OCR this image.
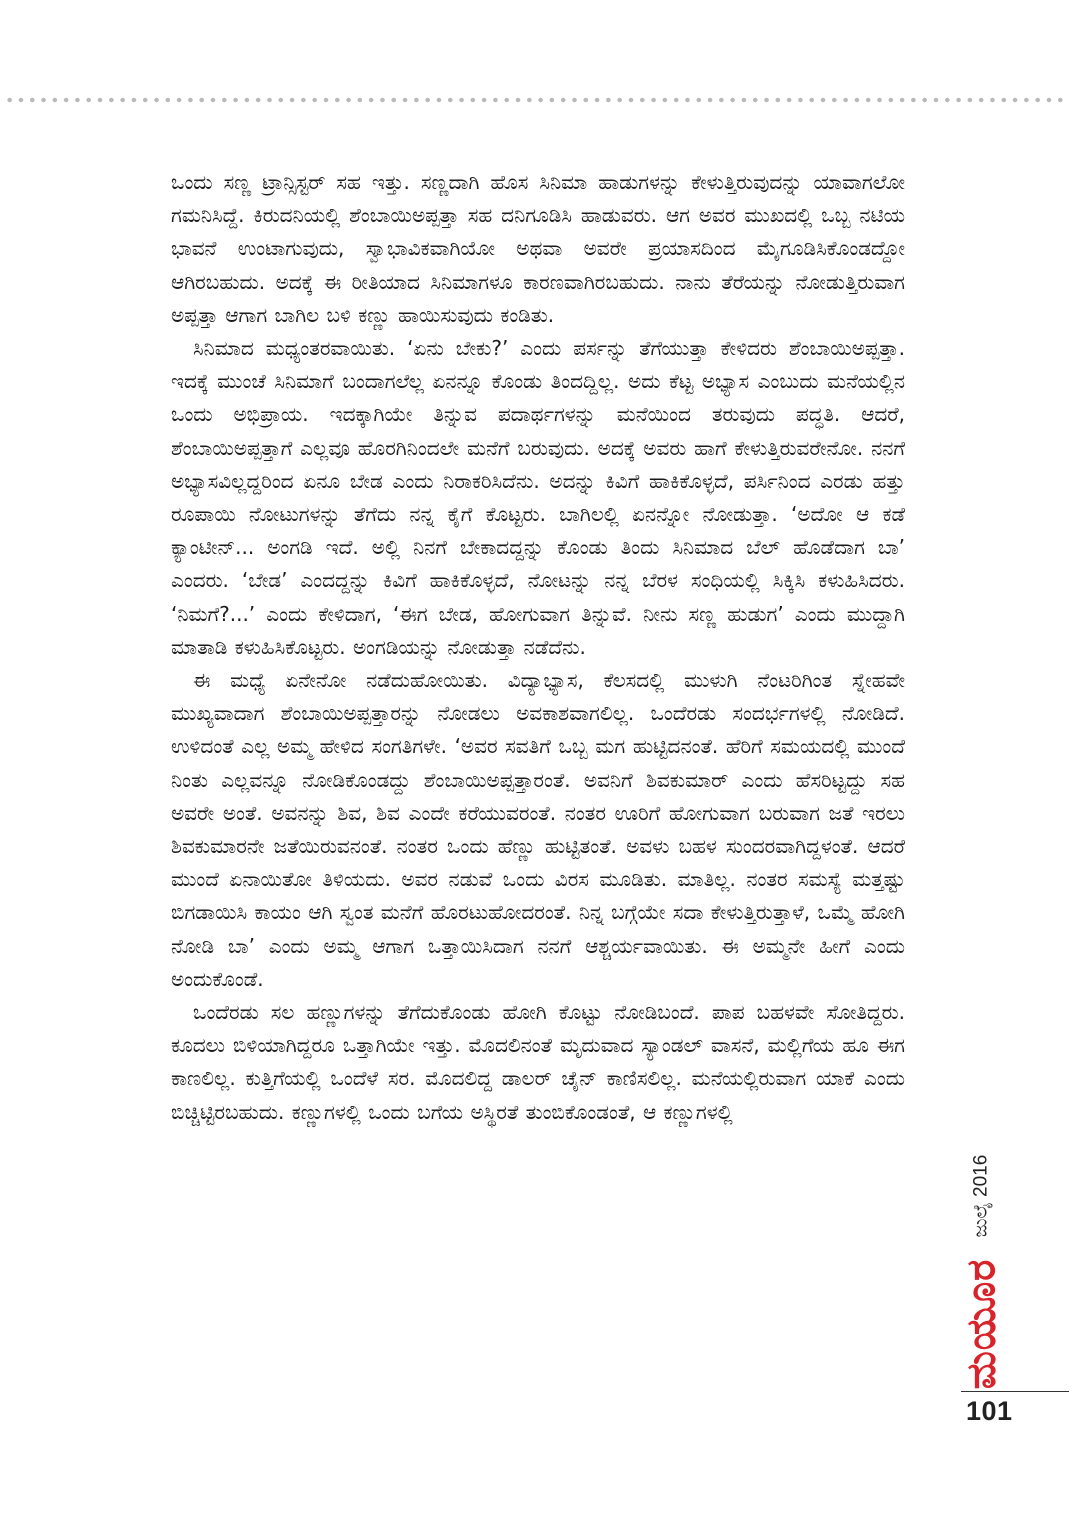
ಒಂದು ಸಣ್ಣ ಟ್ರಾನ್ಸಿಸ್ಟರ್ ಸಹ ಇತ್ತು. ಸಣ್ಣದಾಗಿ ಹೊಸ ಸಿನಿಮಾ ಹಾಡುಗಳನ್ನು ಕೇಳುತ್ತಿರುವುದನ್ನು ಯಾವಾಗಲೋ ಗಮನಿಸಿದ್ದೆ. ಕಿರುದನಿಯಲ್ಲಿ ಶೆಂಬಾಯಿಅಪ್ಪತ್ತಾ ಸಹ ದನಿಗೂಡಿಸಿ ಹಾಡುವರು. ಆಗ ಅವರ ಮುಖದಲ್ಲಿ ಒಬ್ಬ ನಟಿಯ ಭಾವನೆ ಉಂಟಾಗುವುದು, ಸ್ವಾಭಾವಿಕವಾಗಿಯೋ ಅಥವಾ ಅವರೇ ಪ್ರಯಾಸದಿಂದ ಮೈಗೂಡಿಸಿಕೊಂಡದ್ದೋ ಆಗಿರಬಹುದು. ಅದಕ್ಕೆ ಈ ರೀತಿಯಾದ ಸಿನಿಮಾಗಳೂ ಕಾರಣವಾಗಿರಬಹುದು. ನಾನು ತೆರೆಯನ್ನು ನೋಡುತ್ತಿರುವಾಗ ಅಪ್ಪತ್ತಾ ಆಗಾಗ ಬಾಗಿಲ ಬಳಿ ಕಣ್ಣು ಹಾಯಿಸುವುದು ಕಂಡಿತು.

ಸಿನಿಮಾದ ಮಧ್ಯಂತರವಾಯಿತು. ‘ಏನು ಬೇಕು?’ ಎಂದು ಪರ್ಸನ್ನು ತೆಗೆಯುತ್ತಾ ಕೇಳಿದರು ಶೆಂಬಾಯಿಅಪ್ಪತ್ತಾ. ಇದಕ್ಕೆ ಮುಂಚೆ ಸಿನಿಮಾಗೆ ಬಂದಾಗಲೆಲ್ಲ ಏನನ್ನೂ ಕೊಂಡು ತಿಂದದ್ದಿಲ್ಲ. ಅದು ಕೆಟ್ಟ ಅಭ್ಯಾಸ ಎಂಬುದು ಮನೆಯಲ್ಲಿನ ಒಂದು ಅಭಿಪ್ರಾಯ. ಇದಕ್ಕಾಗಿಯೇ ತಿನ್ನುವ ಪದಾರ್ಥಗಳನ್ನು ಮನೆಯಿಂದ ತರುವುದು ಪದ್ಧತಿ. ಆದರೆ, ಶೆಂಬಾಯಿಅಪ್ಪತ್ತಾಗೆ ಎಲ್ಲವೂ ಹೊರಗಿನಿಂದಲೇ ಮನೆಗೆ ಬರುವುದು. ಅದಕ್ಕೆ ಅವರು ಹಾಗೆ ಕೇಳುತ್ತಿರುವರೇನೋ. ನನಗೆ ಅಭ್ಯಾಸವಿಲ್ಲದ್ದರಿಂದ ಏನೂ ಬೇಡ ಎಂದು ನಿರಾಕರಿಸಿದೆನು. ಅದನ್ನು ಕಿವಿಗೆ ಹಾಕಿಕೊಳ್ಳದೆ, ಪರ್ಸಿನಿಂದ ಎರಡು ಹತ್ತು ರೂಪಾಯಿ ನೋಟುಗಳನ್ನು ತೆಗೆದು ನನ್ನ ಕೈಗೆ ಕೊಟ್ಟರು. ಬಾಗಿಲಲ್ಲಿ ಏನನ್ನೋ ನೋಡುತ್ತಾ. ‘ಅದೋ ಆ ಕಡೆ ಕ್ಯಾಂಟೀನ್... ಅಂಗಡಿ ಇದೆ. ಅಲ್ಲಿ ನಿನಗೆ ಬೇಕಾದದ್ದನ್ನು ಕೊಂಡು ತಿಂದು ಸಿನಿಮಾದ ಬೆಲ್ ಹೊಡೆದಾಗ ಬಾ’ ಎಂದರು. ‘ಬೇಡ’ ಎಂದದ್ದನ್ನು ಕಿವಿಗೆ ಹಾಕಿಕೊಳ್ಳದೆ, ನೋಟನ್ನು ನನ್ನ ಬೆರಳ ಸಂಧಿಯಲ್ಲಿ ಸಿಕ್ಕಿಸಿ ಕಳುಹಿಸಿದರು. ‘ನಿಮಗೆ?...’ ಎಂದು ಕೇಳಿದಾಗ, ‘ಈಗ ಬೇಡ, ಹೋಗುವಾಗ ತಿನ್ನುವೆ. ನೀನು ಸಣ್ಣ ಹುಡುಗ’ ಎಂದು ಮುದ್ದಾಗಿ ಮಾತಾಡಿ ಕಳುಹಿಸಿಕೊಟ್ಟರು. ಅಂಗಡಿಯನ್ನು ನೋಡುತ್ತಾ ನಡೆದೆನು.

ಈ ಮಧ್ಯೆ ಏನೇನೋ ನಡೆದುಹೋಯಿತು. ವಿದ್ಯಾಭ್ಯಾಸ, ಕೆಲಸದಲ್ಲಿ ಮುಳುಗಿ ನೆಂಟರಿಗಿಂತ ಸ್ನೇಹವೇ ಮುಖ್ಯವಾದಾಗ ಶೆಂಬಾಯಿಅಪ್ಪತ್ತಾರನ್ನು ನೋಡಲು ಅವಕಾಶವಾಗಲಿಲ್ಲ. ಒಂದೆರಡು ಸಂದರ್ಭಗಳಲ್ಲಿ ನೋಡಿದೆ. ಉಳಿದಂತೆ ಎಲ್ಲ ಅಮ್ಮ ಹೇಳಿದ ಸಂಗತಿಗಳೇ. ‘ಅವರ ಸವತಿಗೆ ಒಬ್ಬ ಮಗ ಹುಟ್ಟಿದನಂತೆ. ಹೆರಿಗೆ ಸಮಯದಲ್ಲಿ ಮುಂದೆ ನಿಂತು ಎಲ್ಲವನ್ನೂ ನೋಡಿಕೊಂಡದ್ದು ಶೆಂಬಾಯಿಅಪ್ಪತ್ತಾರಂತೆ. ಅವನಿಗೆ ಶಿವಕುಮಾರ್ ಎಂದು ಹೆಸರಿಟ್ಟದ್ದು ಸಹ ಅವರೇ ಅಂತೆ. ಅವನನ್ನು ಶಿವ, ಶಿವ ಎಂದೇ ಕರೆಯುವರಂತೆ. ನಂತರ ಊರಿಗೆ ಹೋಗುವಾಗ ಬರುವಾಗ ಜತೆ ಇರಲು ಶಿವಕುಮಾರನೇ ಜತೆಯಿರುವನಂತೆ. ನಂತರ ಒಂದು ಹೆಣ್ಣು ಹುಟ್ಟಿತಂತೆ. ಅವಳು ಬಹಳ ಸುಂದರವಾಗಿದ್ದಳಂತೆ. ಆದರೆ ಮುಂದೆ ಏನಾಯಿತೋ ತಿಳಿಯದು. ಅವರ ನಡುವೆ ಒಂದು ವಿರಸ ಮೂಡಿತು. ಮಾತಿಲ್ಲ. ನಂತರ ಸಮಸ್ಯೆ ಮತ್ತಷ್ಟು ಬಿಗಡಾಯಿಸಿ ಕಾಯಂ ಆಗಿ ಸ್ವಂತ ಮನೆಗೆ ಹೊರಟುಹೋದರಂತೆ. ನಿನ್ನ ಬಗ್ಗೆಯೇ ಸದಾ ಕೇಳುತ್ತಿರುತ್ತಾಳೆ, ಒಮ್ಮೆ ಹೋಗಿ ನೋಡಿ ಬಾ’ ಎಂದು ಅಮ್ಮ ಆಗಾಗ ಒತ್ತಾಯಿಸಿದಾಗ ನನಗೆ ಆಶ್ಚರ್ಯವಾಯಿತು. ಈ ಅಮ್ಮನೇ ಹೀಗೆ ಎಂದು ಅಂದುಕೊಂಡೆ.

ಒಂದೆರಡು ಸಲ ಹಣ್ಣುಗಳನ್ನು ತೆಗೆದುಕೊಂಡು ಹೋಗಿ ಕೊಟ್ಟು ನೋಡಿಬಂದೆ. ಪಾಪ ಬಹಳವೇ ಸೋತಿದ್ದರು. ಕೂದಲು ಬಿಳಿಯಾಗಿದ್ದರೂ ಒತ್ತಾಗಿಯೇ ಇತ್ತು. ಮೊದಲಿನಂತೆ ಮೃದುವಾದ ಸ್ಯಾಂಡಲ್ ವಾಸನೆ, ಮಲ್ಲಿಗೆಯ ಹೂ ಈಗ ಕಾಣಲಿಲ್ಲ. ಕುತ್ತಿಗೆಯಲ್ಲಿ ಒಂದೆಳೆ ಸರ. ಮೊದಲಿದ್ದ ಡಾಲರ್ ಚೈನ್ ಕಾಣಿಸಲಿಲ್ಲ. ಮನೆಯಲ್ಲಿರುವಾಗ ಯಾಕೆ ಎಂದು ಬಿಚ್ಚಿಟ್ಟಿರಬಹುದು. ಕಣ್ಣುಗಳಲ್ಲಿ ಒಂದು ಬಗೆಯ ಅಸ್ಥಿರತೆ ತುಂಬಿಕೊಂಡಂತೆ, ಆ ಕಣ್ಣುಗಳಲ್ಲಿ

ಜುಲೈ 2016
ಮಯೂರ
101
